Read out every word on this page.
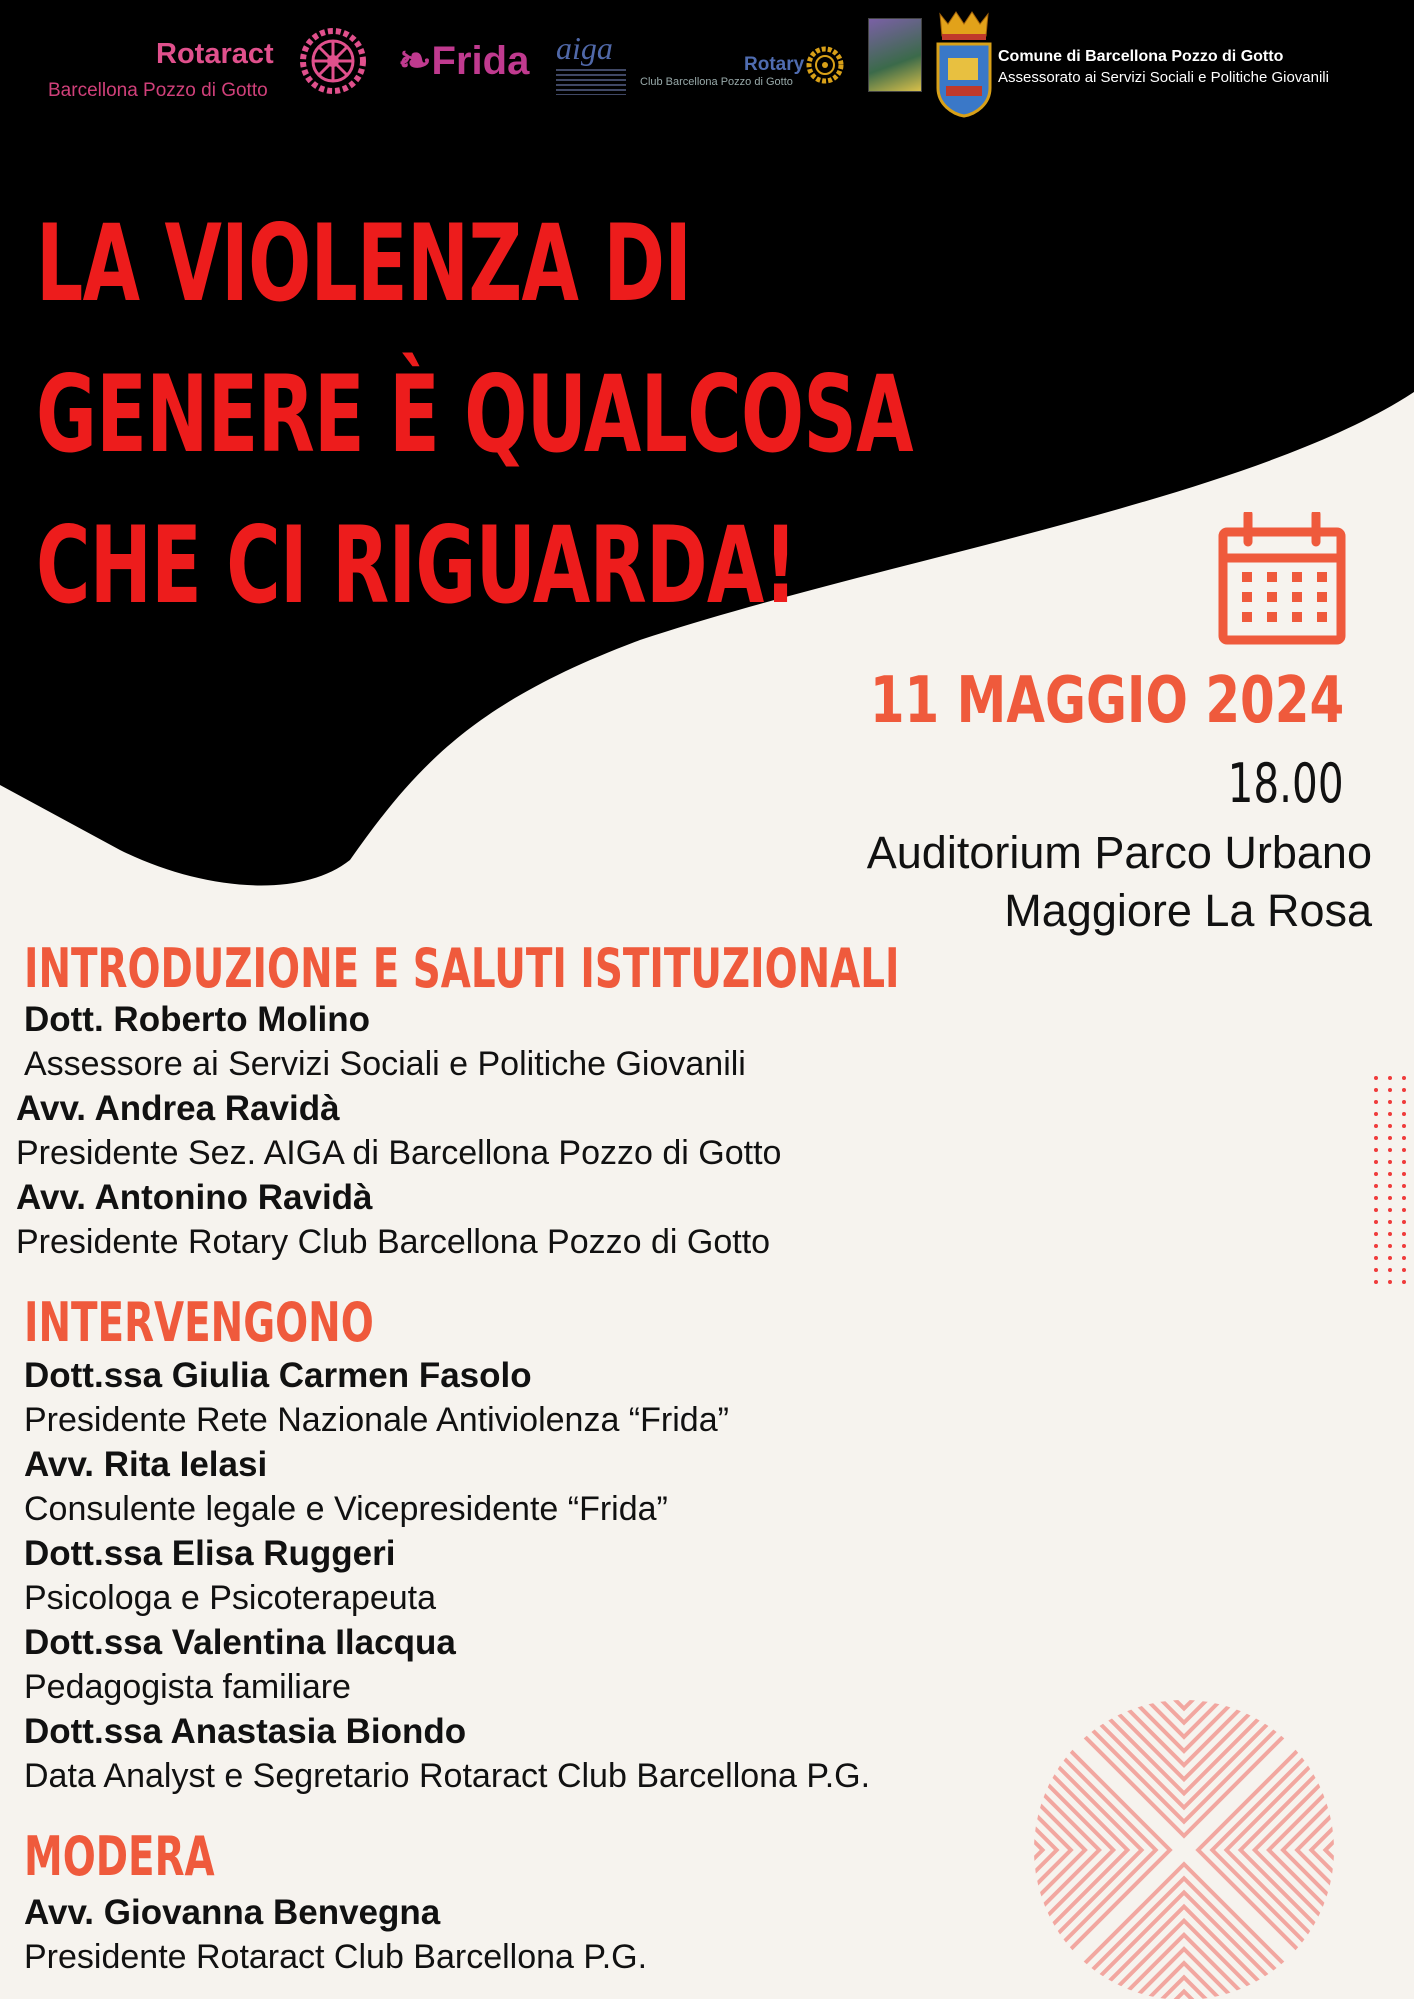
Rotaract
Barcellona Pozzo di Gotto
❧Frida aiga	Rotary
Club Barcellona Pozzo di Gotto
Comune di Barcellona Pozzo di Gotto
Assessorato ai Servizi Sociali e Politiche Giovanili
LA VIOLENZA DI
GENERE È QUALCOSA
CHE CI RIGUARDA!
11 MAGGIO 2024
18.00
Auditorium Parco Urbano
Maggiore La Rosa
INTRODUZIONE E SALUTI ISTITUZIONALI
Dott. Roberto Molino
Assessore ai Servizi Sociali e Politiche Giovanili
Avv. Andrea Ravidà
Presidente Sez. AIGA di Barcellona Pozzo di Gotto
Avv. Antonino Ravidà
Presidente Rotary Club Barcellona Pozzo di Gotto
INTERVENGONO
Dott.ssa Giulia Carmen Fasolo
Presidente Rete Nazionale Antiviolenza “Frida”
Avv. Rita Ielasi
Consulente legale e Vicepresidente “Frida”
Dott.ssa Elisa Ruggeri
Psicologa e Psicoterapeuta
Dott.ssa Valentina Ilacqua
Pedagogista familiare
Dott.ssa Anastasia Biondo
Data Analyst e Segretario Rotaract Club Barcellona P.G.
MODERA
Avv. Giovanna Benvegna
Presidente Rotaract Club Barcellona P.G.
